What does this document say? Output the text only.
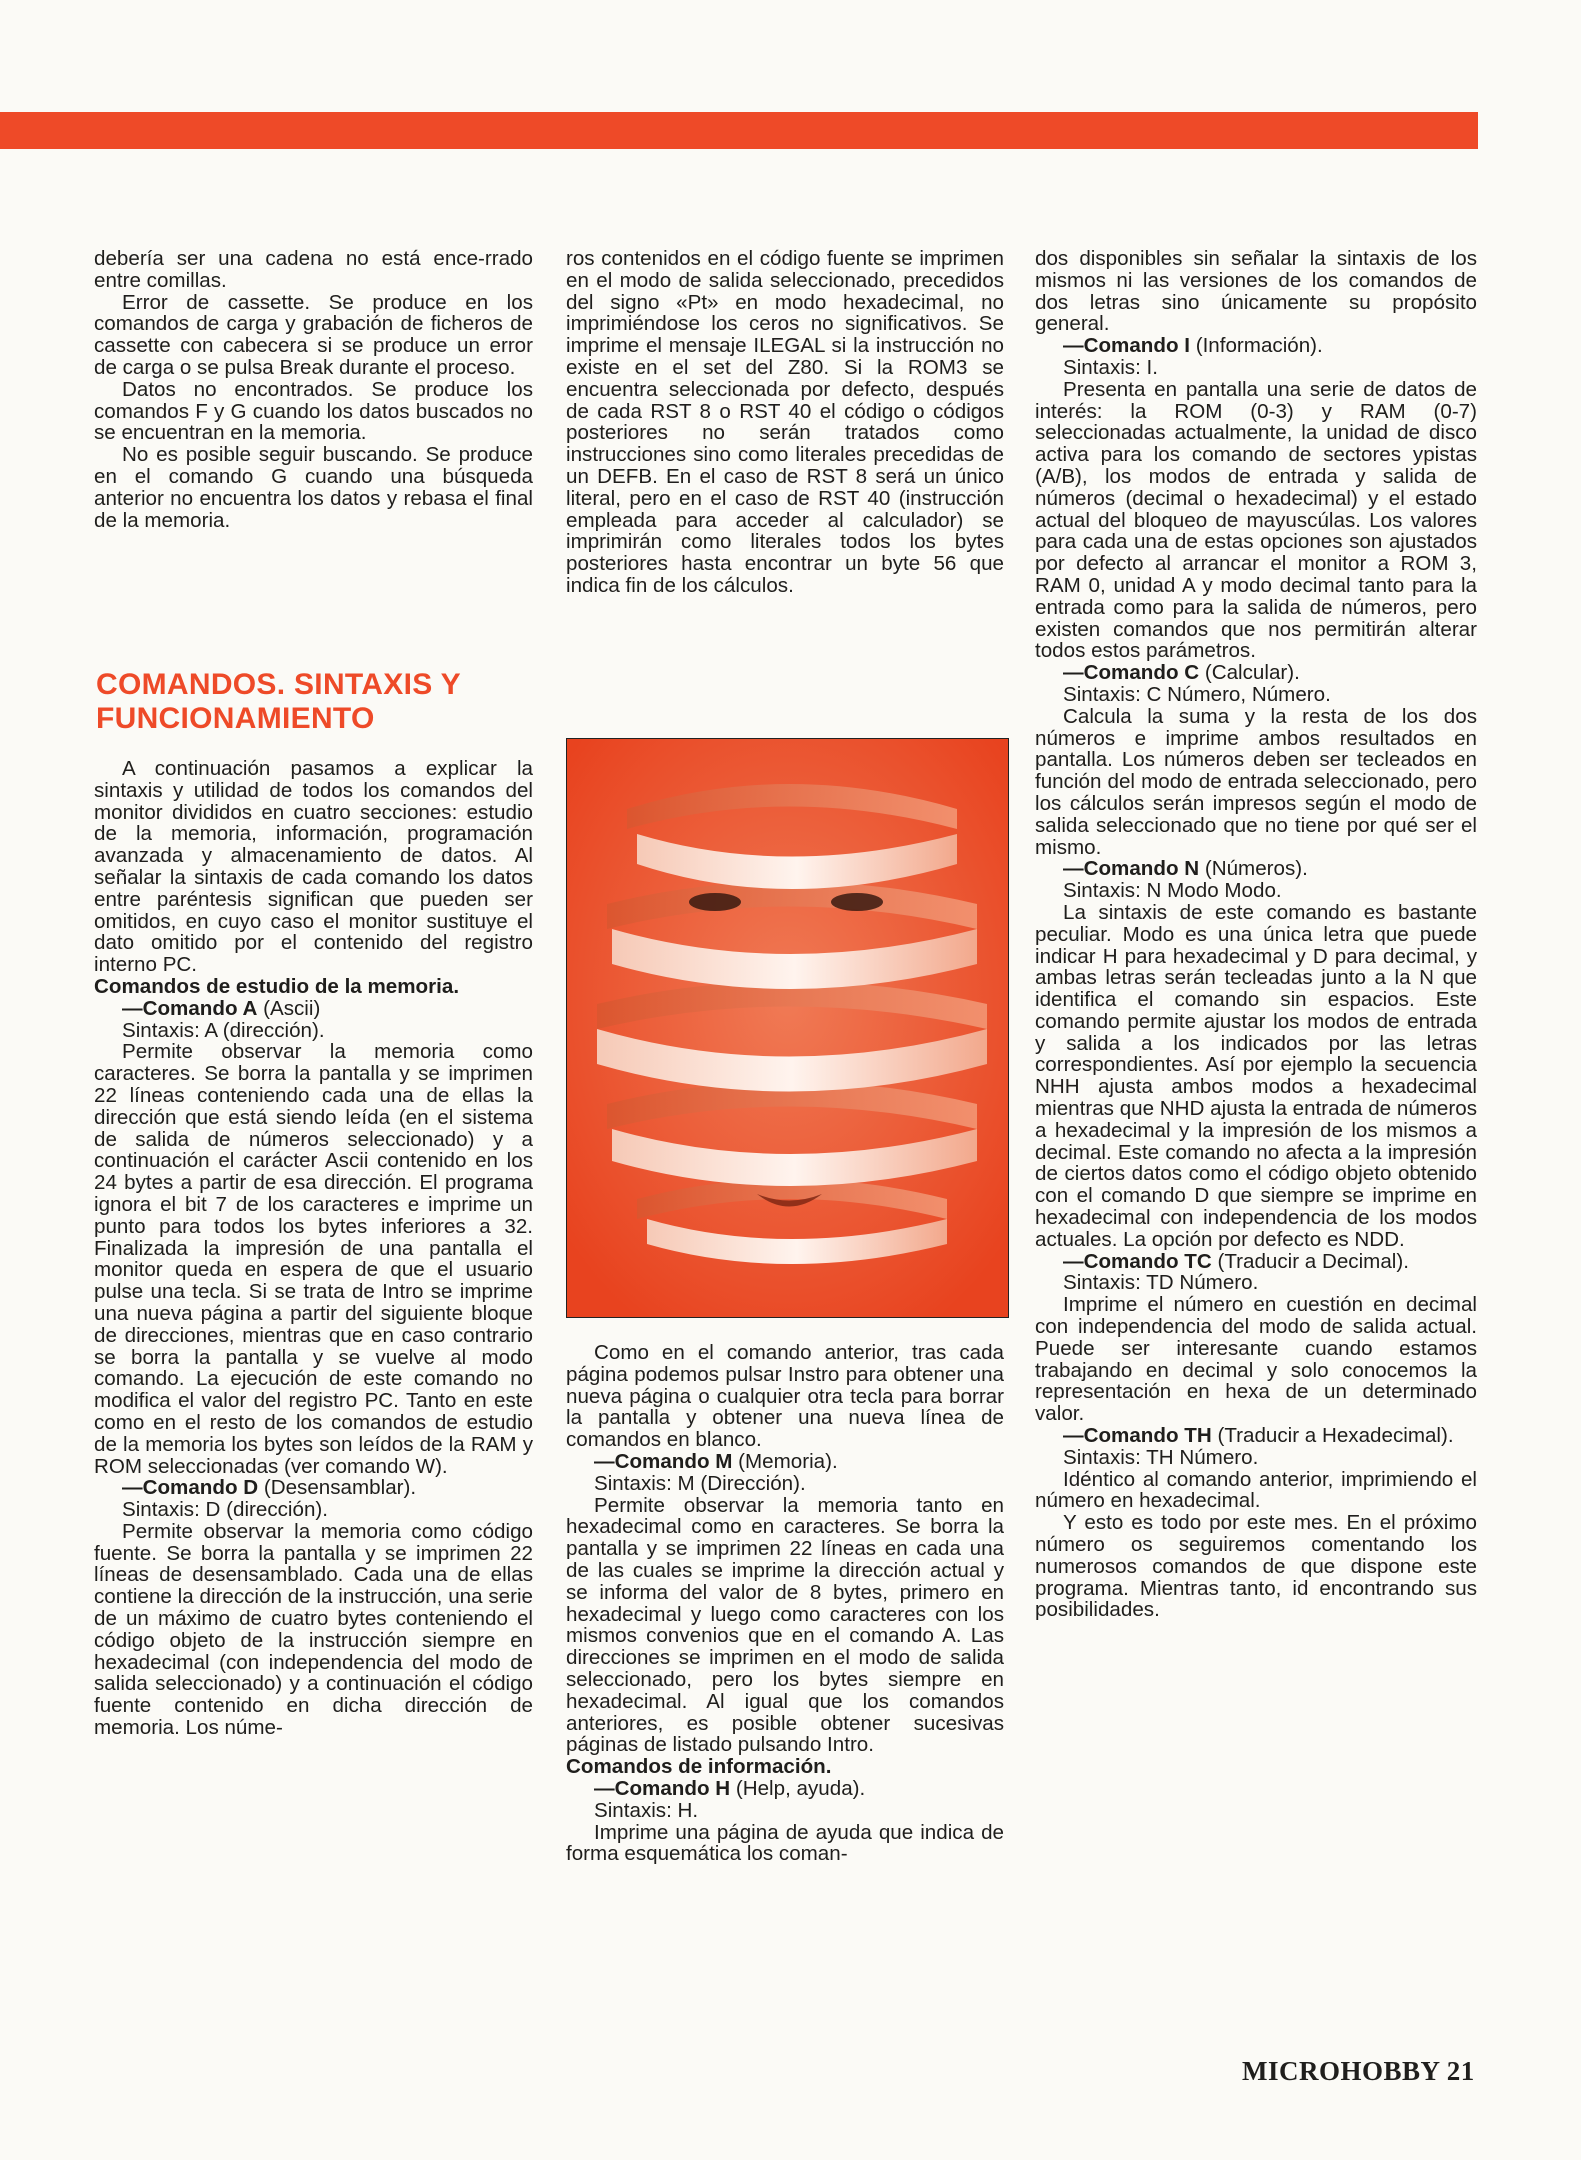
debería ser una cadena no está ence-rrado entre comillas.

Error de cassette. Se produce en los comandos de carga y grabación de ficheros de cassette con cabecera si se produce un error de carga o se pulsa Break durante el proceso.

Datos no encontrados. Se produce los comandos F y G cuando los datos buscados no se encuentran en la memoria.

No es posible seguir buscando. Se produce en el comando G cuando una búsqueda anterior no encuentra los datos y rebasa el final de la memoria.

COMANDOS. SINTAXIS Y FUNCIONAMIENTO

A continuación pasamos a explicar la sintaxis y utilidad de todos los comandos del monitor divididos en cuatro secciones: estudio de la memoria, información, programación avanzada y almacenamiento de datos. Al señalar la sintaxis de cada comando los datos entre paréntesis significan que pueden ser omitidos, en cuyo caso el monitor sustituye el dato omitido por el contenido del registro interno PC.

Comandos de estudio de la memoria.

—Comando A (Ascii)

Sintaxis: A (dirección).

Permite observar la memoria como caracteres. Se borra la pantalla y se imprimen 22 líneas conteniendo cada una de ellas la dirección que está siendo leída (en el sistema de salida de números seleccionado) y a continuación el carácter Ascii contenido en los 24 bytes a partir de esa dirección. El programa ignora el bit 7 de los caracteres e imprime un punto para todos los bytes inferiores a 32. Finalizada la impresión de una pantalla el monitor queda en espera de que el usuario pulse una tecla. Si se trata de Intro se imprime una nueva página a partir del siguiente bloque de direcciones, mientras que en caso contrario se borra la pantalla y se vuelve al modo comando. La ejecución de este comando no modifica el valor del registro PC. Tanto en este como en el resto de los comandos de estudio de la memoria los bytes son leídos de la RAM y ROM seleccionadas (ver comando W).

—Comando D (Desensamblar).

Sintaxis: D (dirección).

Permite observar la memoria como código fuente. Se borra la pantalla y se imprimen 22 líneas de desensamblado. Cada una de ellas contiene la dirección de la instrucción, una serie de un máximo de cuatro bytes conteniendo el código objeto de la instrucción siempre en hexadecimal (con independencia del modo de salida seleccionado) y a continuación el código fuente contenido en dicha dirección de memoria. Los núme-

ros contenidos en el código fuente se imprimen en el modo de salida seleccionado, precedidos del signo «Pt» en modo hexadecimal, no imprimiéndose los ceros no significativos. Se imprime el mensaje ILEGAL si la instrucción no existe en el set del Z80. Si la ROM3 se encuentra seleccionada por defecto, después de cada RST 8 o RST 40 el código o códigos posteriores no serán tratados como instrucciones sino como literales precedidas de un DEFB. En el caso de RST 8 será un único literal, pero en el caso de RST 40 (instrucción empleada para acceder al calculador) se imprimirán como literales todos los bytes posteriores hasta encontrar un byte 56 que indica fin de los cálculos.

Como en el comando anterior, tras cada página podemos pulsar Instro para obtener una nueva página o cualquier otra tecla para borrar la pantalla y obtener una nueva línea de comandos en blanco.

—Comando M (Memoria).

Sintaxis: M (Dirección).

Permite observar la memoria tanto en hexadecimal como en caracteres. Se borra la pantalla y se imprimen 22 líneas en cada una de las cuales se imprime la dirección actual y se informa del valor de 8 bytes, primero en hexadecimal y luego como caracteres con los mismos convenios que en el comando A. Las direcciones se imprimen en el modo de salida seleccionado, pero los bytes siempre en hexadecimal. Al igual que los comandos anteriores, es posible obtener sucesivas páginas de listado pulsando Intro.

Comandos de información.

—Comando H (Help, ayuda).

Sintaxis: H.

Imprime una página de ayuda que indica de forma esquemática los coman-

dos disponibles sin señalar la sintaxis de los mismos ni las versiones de los comandos de dos letras sino únicamente su propósito general.

—Comando I (Información).

Sintaxis: I.

Presenta en pantalla una serie de datos de interés: la ROM (0-3) y RAM (0-7) seleccionadas actualmente, la unidad de disco activa para los comando de sectores ypistas (A/B), los modos de entrada y salida de números (decimal o hexadecimal) y el estado actual del bloqueo de mayuscúlas. Los valores para cada una de estas opciones son ajustados por defecto al arrancar el monitor a ROM 3, RAM 0, unidad A y modo decimal tanto para la entrada como para la salida de números, pero existen comandos que nos permitirán alterar todos estos parámetros.

—Comando C (Calcular).

Sintaxis: C Número, Número.

Calcula la suma y la resta de los dos números e imprime ambos resultados en pantalla. Los números deben ser tecleados en función del modo de entrada seleccionado, pero los cálculos serán impresos según el modo de salida seleccionado que no tiene por qué ser el mismo.

—Comando N (Números).

Sintaxis: N Modo Modo.

La sintaxis de este comando es bastante peculiar. Modo es una única letra que puede indicar H para hexadecimal y D para decimal, y ambas letras serán tecleadas junto a la N que identifica el comando sin espacios. Este comando permite ajustar los modos de entrada y salida a los indicados por las letras correspondientes. Así por ejemplo la secuencia NHH ajusta ambos modos a hexadecimal mientras que NHD ajusta la entrada de números a hexadecimal y la impresión de los mismos a decimal. Este comando no afecta a la impresión de ciertos datos como el código objeto obtenido con el comando D que siempre se imprime en hexadecimal con independencia de los modos actuales. La opción por defecto es NDD.

—Comando TC (Traducir a Decimal).

Sintaxis: TD Número.

Imprime el número en cuestión en decimal con independencia del modo de salida actual. Puede ser interesante cuando estamos trabajando en decimal y solo conocemos la representación en hexa de un determinado valor.

—Comando TH (Traducir a Hexadecimal).

Sintaxis: TH Número.

Idéntico al comando anterior, imprimiendo el número en hexadecimal.

Y esto es todo por este mes. En el próximo número os seguiremos comentando los numerosos comandos de que dispone este programa. Mientras tanto, id encontrando sus posibilidades.

MICROHOBBY 21
